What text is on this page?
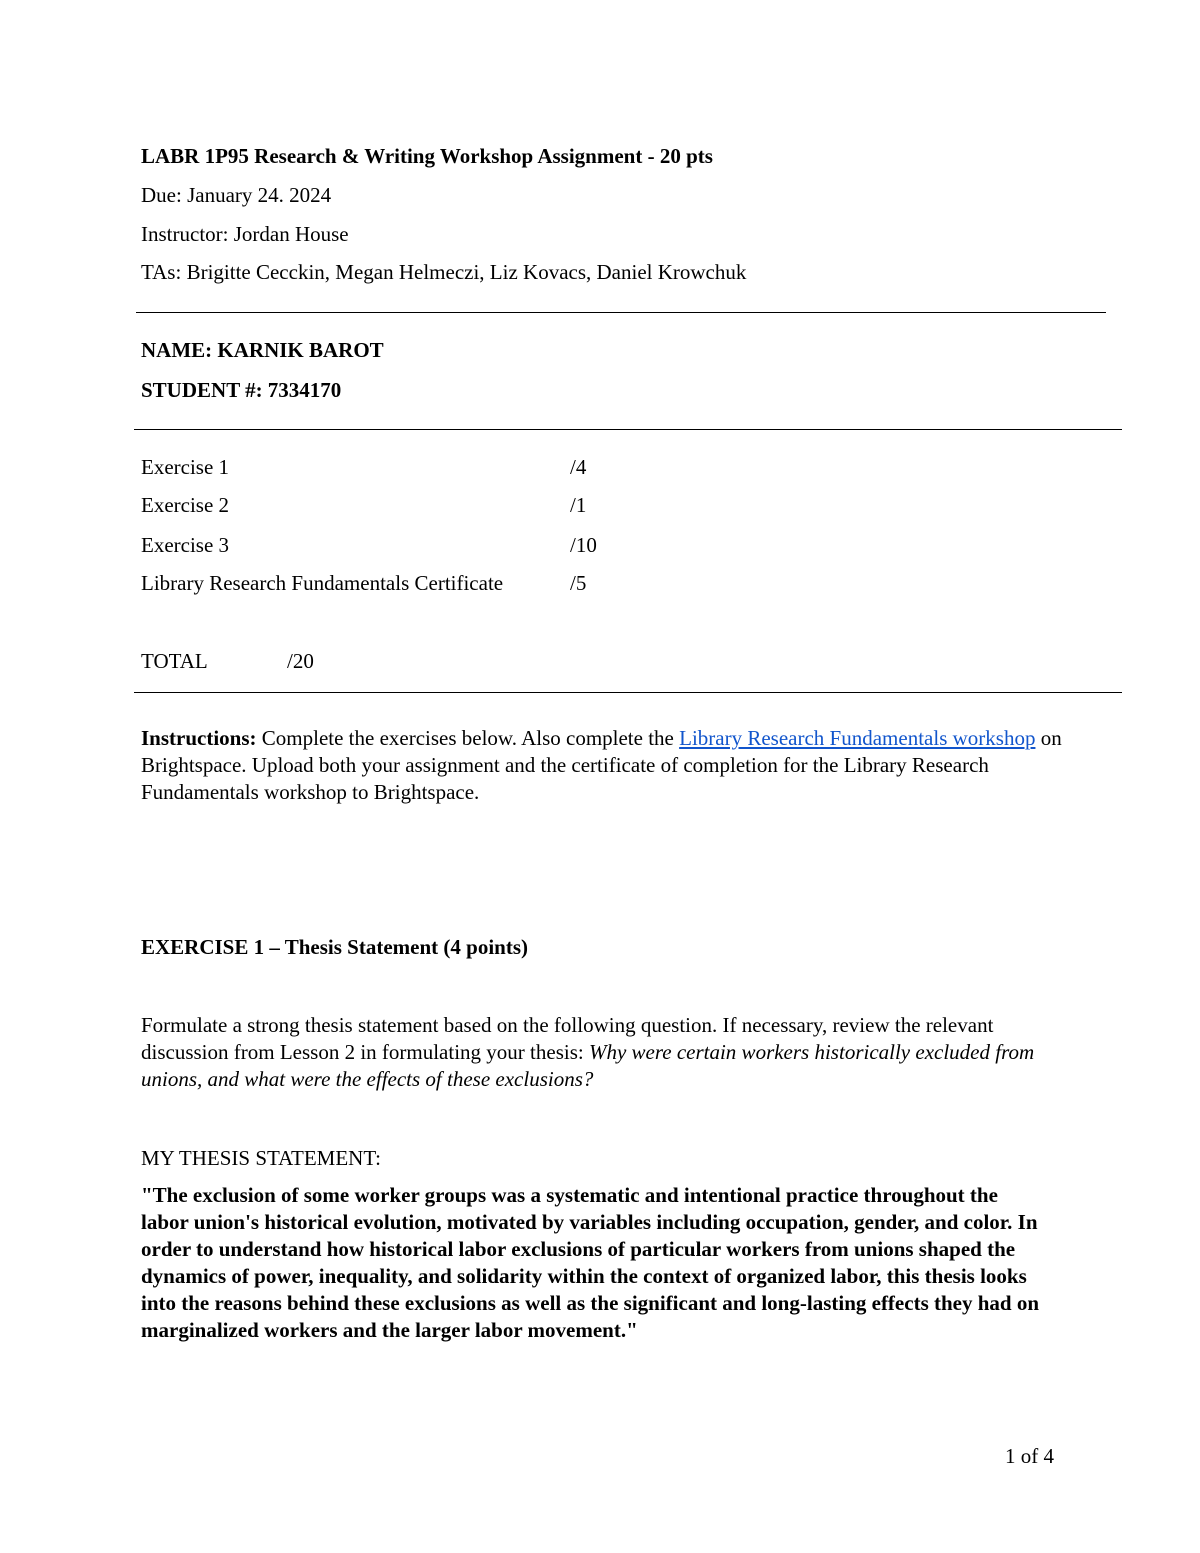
LABR 1P95 Research & Writing Workshop Assignment - 20 pts
Due: January 24. 2024
Instructor: Jordan House
TAs: Brigitte Cecckin, Megan Helmeczi, Liz Kovacs, Daniel Krowchuk
NAME: KARNIK BAROT
STUDENT #: 7334170
Exercise 1	/4
Exercise 2	/1
Exercise 3	/10
Library Research Fundamentals Certificate	/5
TOTAL	/20
Instructions: Complete the exercises below. Also complete the Library Research Fundamentals workshop on Brightspace. Upload both your assignment and the certificate of completion for the Library Research Fundamentals workshop to Brightspace.
EXERCISE 1 – Thesis Statement (4 points)
Formulate a strong thesis statement based on the following question. If necessary, review the relevant discussion from Lesson 2 in formulating your thesis: Why were certain workers historically excluded from unions, and what were the effects of these exclusions?
MY THESIS STATEMENT:
"The exclusion of some worker groups was a systematic and intentional practice throughout the labor union's historical evolution, motivated by variables including occupation, gender, and color. In order to understand how historical labor exclusions of particular workers from unions shaped the dynamics of power, inequality, and solidarity within the context of organized labor, this thesis looks into the reasons behind these exclusions as well as the significant and long-lasting effects they had on marginalized workers and the larger labor movement."
1 of 4
